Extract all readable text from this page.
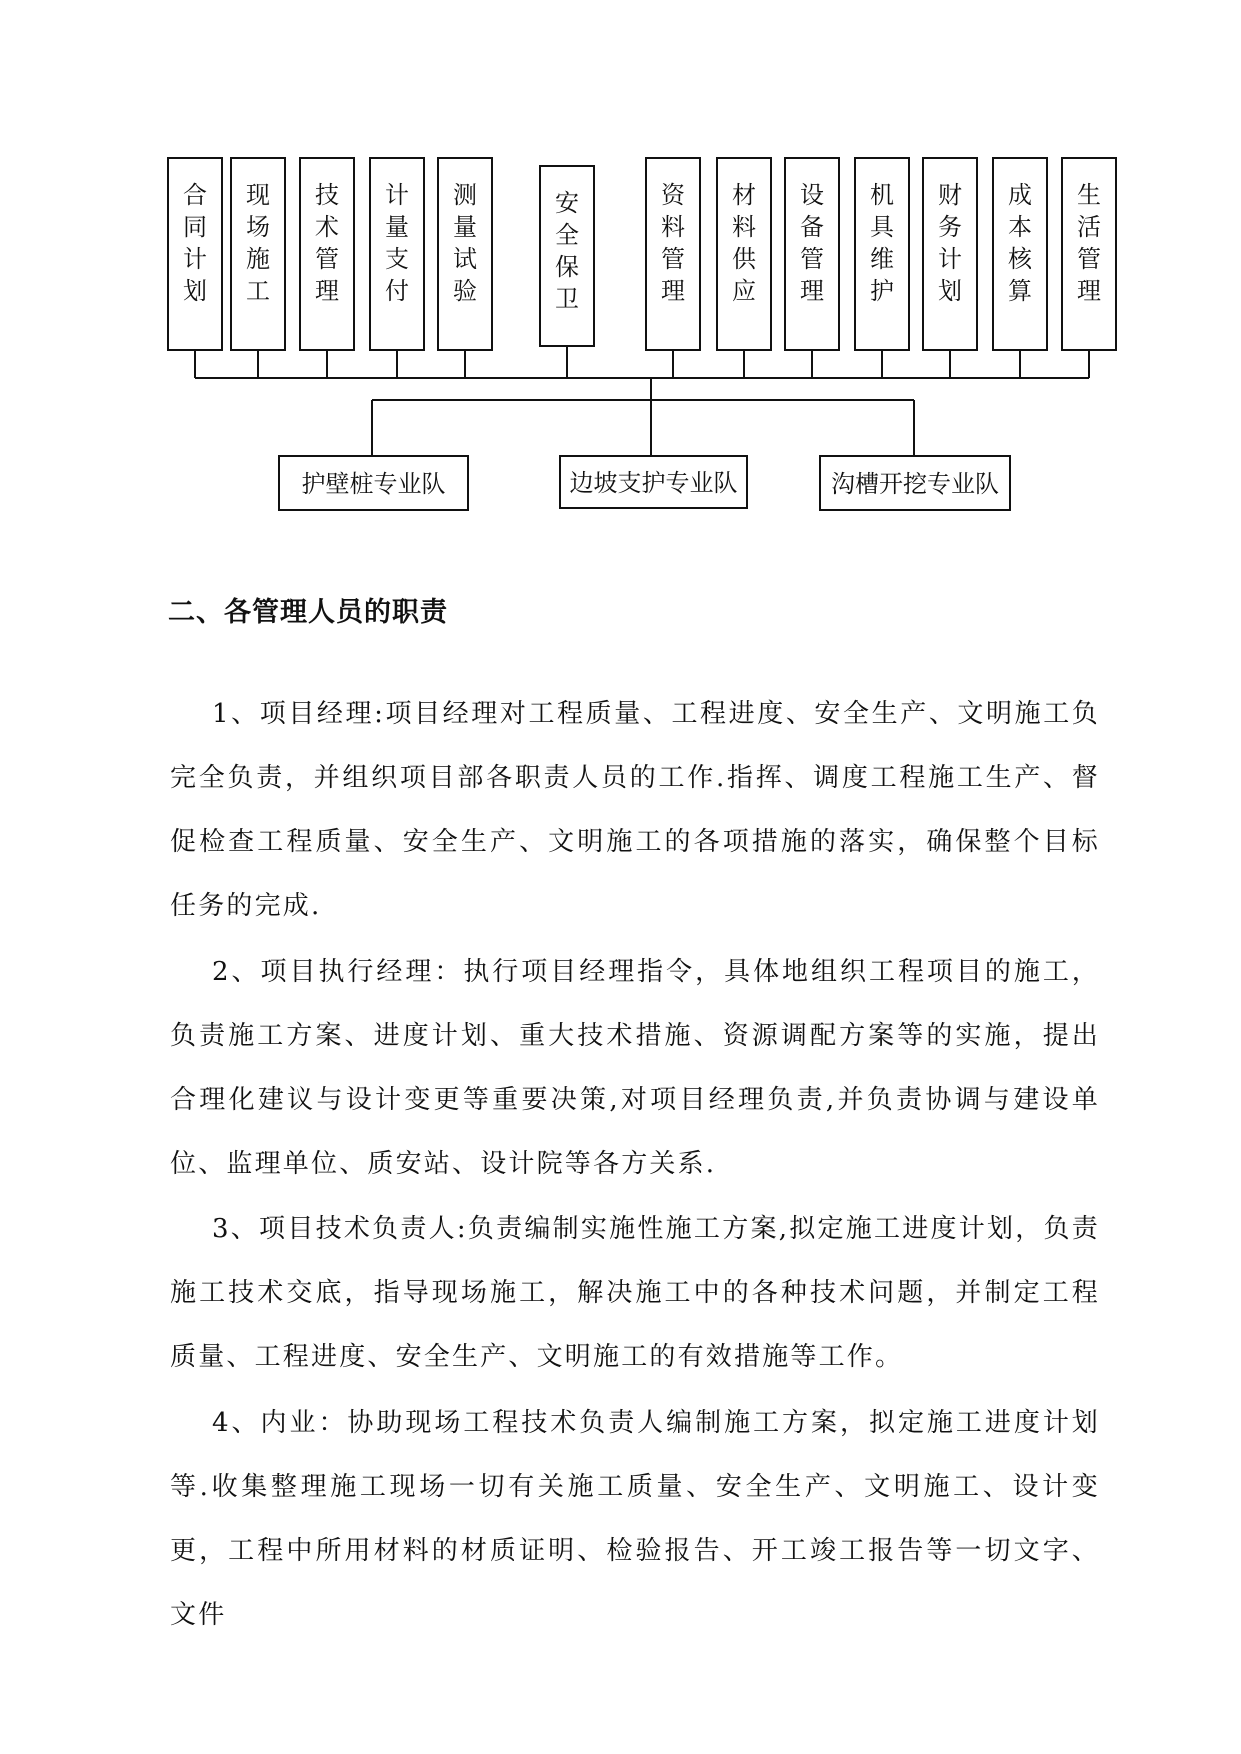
合同计划
现场施工
技术管理
计量支付
测量试验
安全保卫
资料管理
材料供应
设备管理
机具维护
财务计划
成本核算
生活管理
护壁桩专业队	边坡支护专业队	沟槽开挖专业队
二、各管理人员的职责

1、项目经理:项目经理对工程质量、工程进度、安全生产、文明施工负完全负责，并组织项目部各职责人员的工作.指挥、调度工程施工生产、督促检查工程质量、安全生产、文明施工的各项措施的落实，确保整个目标任务的完成.

2、项目执行经理：执行项目经理指令，具体地组织工程项目的施工，负责施工方案、进度计划、重大技术措施、资源调配方案等的实施，提出合理化建议与设计变更等重要决策,对项目经理负责,并负责协调与建设单位、监理单位、质安站、设计院等各方关系.

3、项目技术负责人:负责编制实施性施工方案,拟定施工进度计划，负责施工技术交底，指导现场施工，解决施工中的各种技术问题，并制定工程质量、工程进度、安全生产、文明施工的有效措施等工作。

4、内业：协助现场工程技术负责人编制施工方案，拟定施工进度计划等.收集整理施工现场一切有关施工质量、安全生产、文明施工、设计变更，工程中所用材料的材质证明、检验报告、开工竣工报告等一切文字、文件
